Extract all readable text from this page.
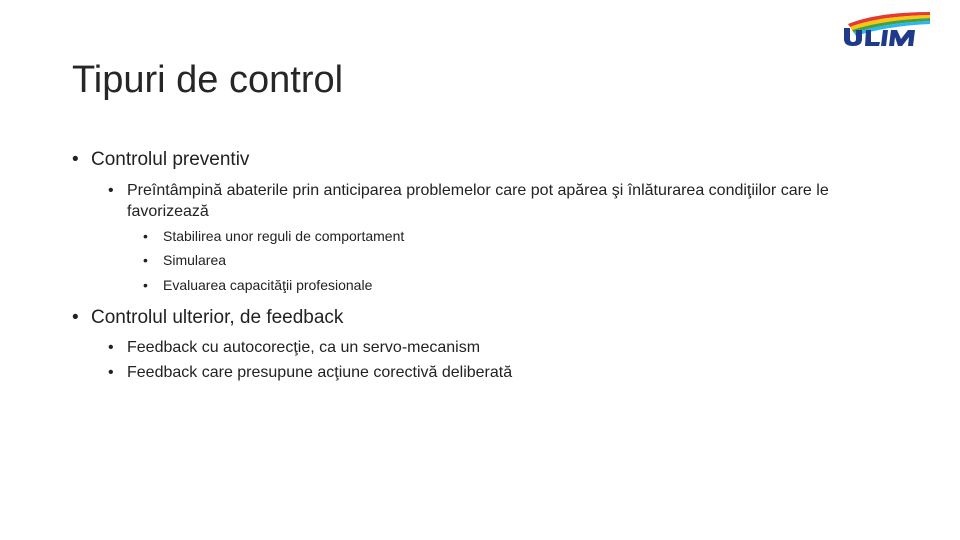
Tipuri de control
• Controlul preventiv
• Preîntâmpină abaterile prin anticiparea problemelor care pot apărea şi înlăturarea condiţiilor care le favorizează
•	Stabilirea unor reguli de comportament
•	Simularea
•	Evaluarea capacităţii profesionale
• Controlul ulterior, de feedback
• Feedback cu autocorecţie, ca un servo-mecanism
• Feedback care presupune acţiune corectivă deliberată
